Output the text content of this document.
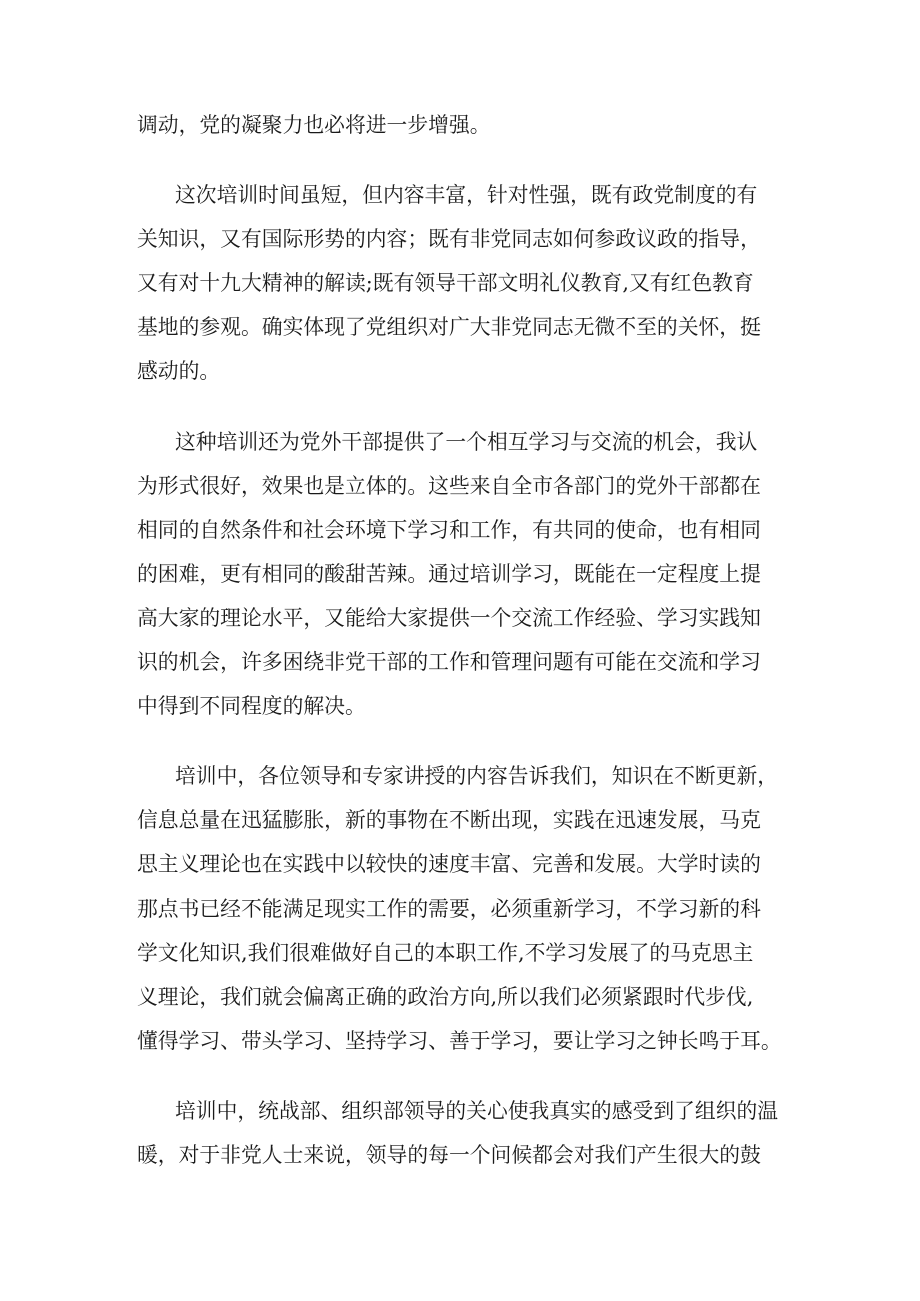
调动，党的凝聚力也必将进一步增强。
这次培训时间虽短，但内容丰富，针对性强，既有政党制度的有
关知识，又有国际形势的内容；既有非党同志如何参政议政的指导，
又有对十九大精神的解读;既有领导干部文明礼仪教育,又有红色教育
基地的参观。确实体现了党组织对广大非党同志无微不至的关怀，挺
感动的。
这种培训还为党外干部提供了一个相互学习与交流的机会，我认
为形式很好，效果也是立体的。这些来自全市各部门的党外干部都在
相同的自然条件和社会环境下学习和工作，有共同的使命，也有相同
的困难，更有相同的酸甜苦辣。通过培训学习，既能在一定程度上提
高大家的理论水平，又能给大家提供一个交流工作经验、学习实践知
识的机会，许多困绕非党干部的工作和管理问题有可能在交流和学习
中得到不同程度的解决。
培训中，各位领导和专家讲授的内容告诉我们，知识在不断更新，
信息总量在迅猛膨胀，新的事物在不断出现，实践在迅速发展，马克
思主义理论也在实践中以较快的速度丰富、完善和发展。大学时读的
那点书已经不能满足现实工作的需要，必须重新学习，不学习新的科
学文化知识,我们很难做好自己的本职工作,不学习发展了的马克思主
义理论，我们就会偏离正确的政治方向,所以我们必须紧跟时代步伐,
懂得学习、带头学习、坚持学习、善于学习，要让学习之钟长鸣于耳。
培训中，统战部、组织部领导的关心使我真实的感受到了组织的温
暖，对于非党人士来说，领导的每一个问候都会对我们产生很大的鼓
